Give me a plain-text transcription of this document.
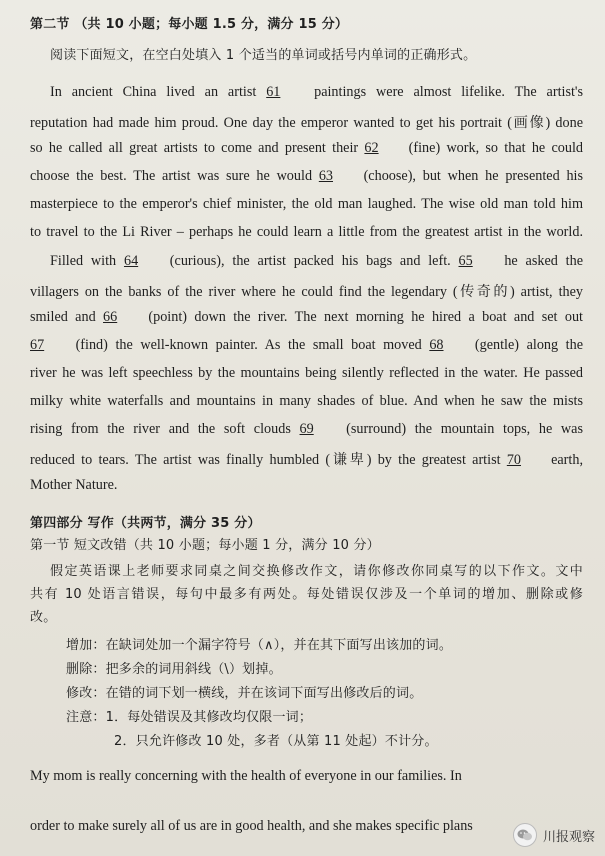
第二节 （共 10 小题；每小题 1.5 分，满分 15 分）
阅读下面短文，在空白处填入 1 个适当的单词或括号内单词的正确形式。
In ancient China lived an artist 61 paintings were almost lifelike. The artist's
reputation had made him proud. One day the emperor wanted to get his portrait (画像) done
so he called all great artists to come and present their 62 (fine) work, so that he could
choose the best. The artist was sure he would 63 (choose), but when he presented his
masterpiece to the emperor's chief minister, the old man laughed. The wise old man told him
to travel to the Li River – perhaps he could learn a little from the greatest artist in the world.
Filled with 64 (curious), the artist packed his bags and left. 65 he asked the
villagers on the banks of the river where he could find the legendary (传奇的) artist, they
smiled and 66 (point) down the river. The next morning he hired a boat and set out
67 (find) the well-known painter. As the small boat moved 68 (gentle) along the
river he was left speechless by the mountains being silently reflected in the water. He passed
milky white waterfalls and mountains in many shades of blue. And when he saw the mists
rising from the river and the soft clouds 69 (surround) the mountain tops, he was
reduced to tears. The artist was finally humbled (谦卑) by the greatest artist 70 earth,
Mother Nature.
第四部分 写作（共两节，满分 35 分）
第一节 短文改错（共 10 小题；每小题 1 分，满分 10 分）
假定英语课上老师要求同桌之间交换修改作文，请你修改你同桌写的以下作文。文中
共有 10 处语言错误，每句中最多有两处。每处错误仅涉及一个单词的增加、删除或修
改。
增加：在缺词处加一个漏字符号（∧），并在其下面写出该加的词。
删除：把多余的词用斜线（\）划掉。
修改：在错的词下划一横线，并在该词下面写出修改后的词。
注意：1．每处错误及其修改均仅限一词；
2．只允许修改 10 处，多者（从第 11 处起）不计分。
My mom is really concerning with the health of everyone in our families. In
order to make surely all of us are in good health, and she makes specific plans
川报观察
